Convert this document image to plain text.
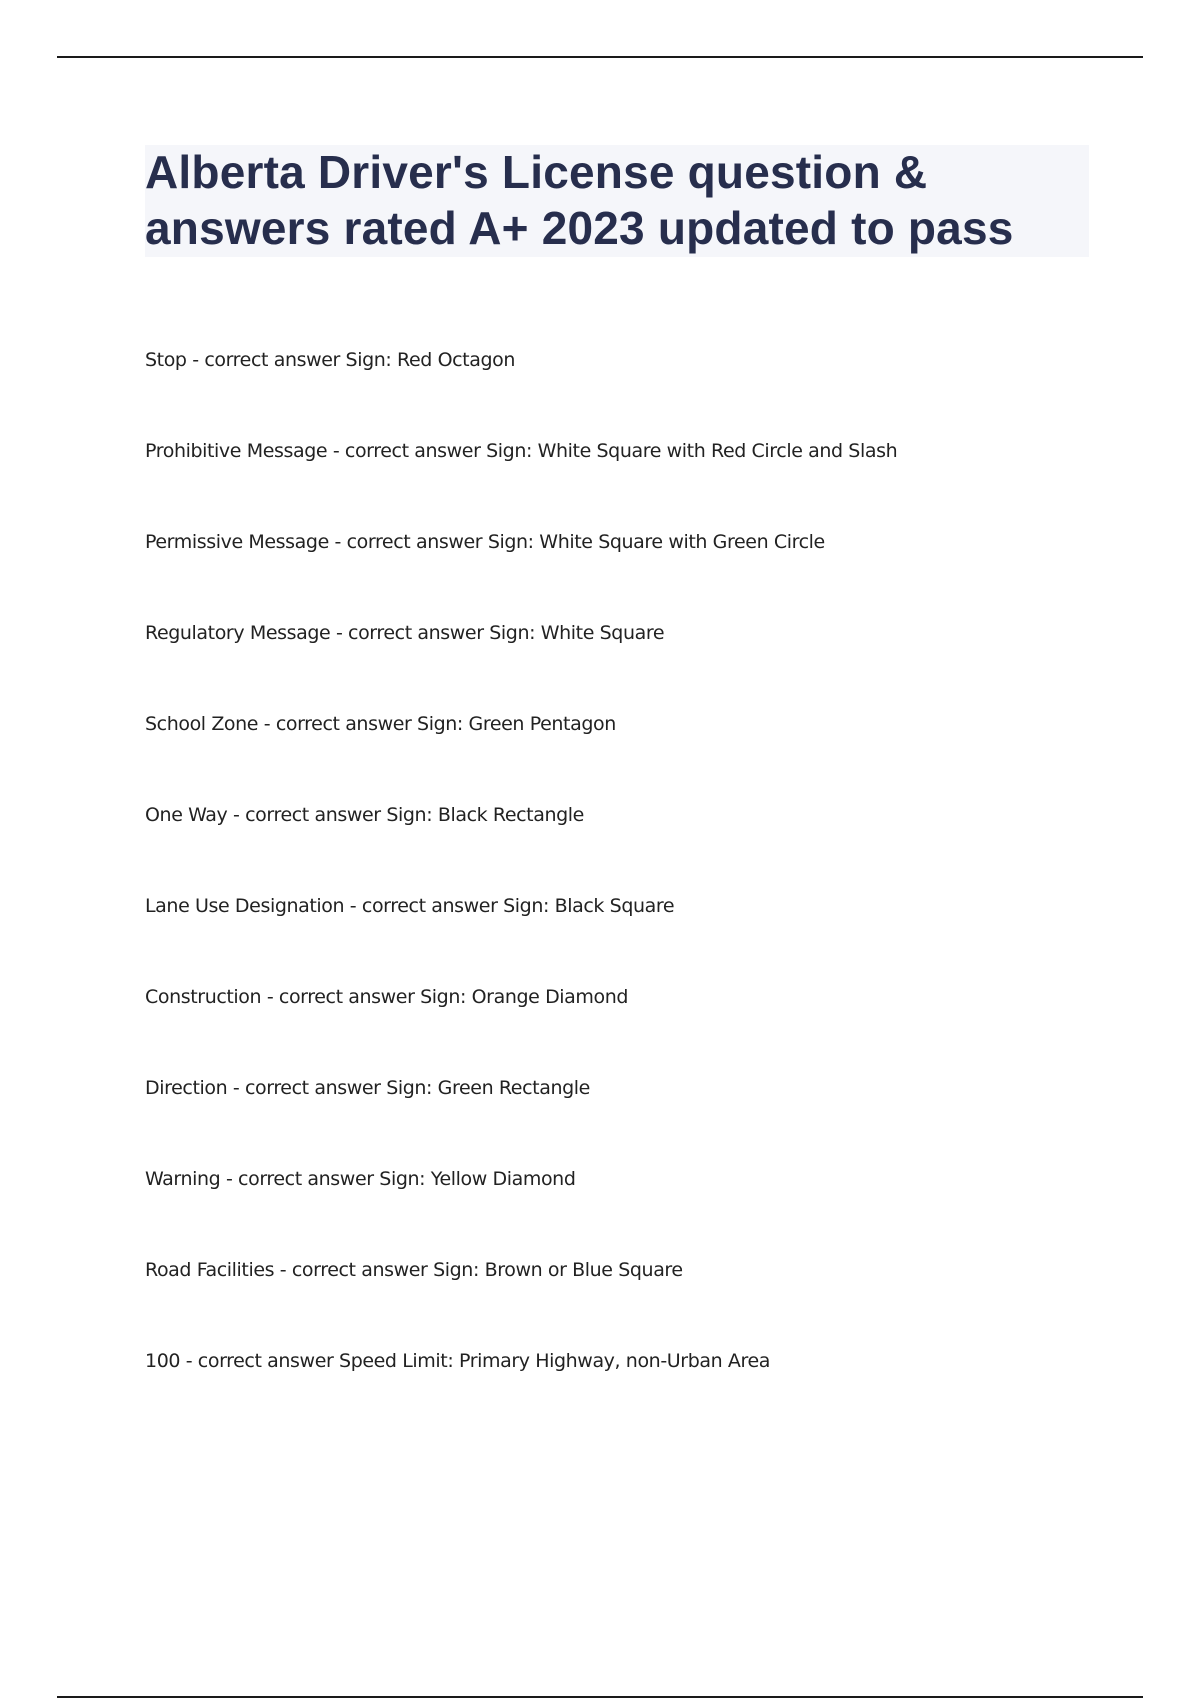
Alberta Driver's License question & answers rated A+ 2023 updated to pass
Stop - correct answer Sign: Red Octagon
Prohibitive Message - correct answer Sign: White Square with Red Circle and Slash
Permissive Message - correct answer Sign: White Square with Green Circle
Regulatory Message - correct answer Sign: White Square
School Zone - correct answer Sign: Green Pentagon
One Way - correct answer Sign: Black Rectangle
Lane Use Designation - correct answer Sign: Black Square
Construction - correct answer Sign: Orange Diamond
Direction - correct answer Sign: Green Rectangle
Warning - correct answer Sign: Yellow Diamond
Road Facilities - correct answer Sign: Brown or Blue Square
100 - correct answer Speed Limit: Primary Highway, non-Urban Area
